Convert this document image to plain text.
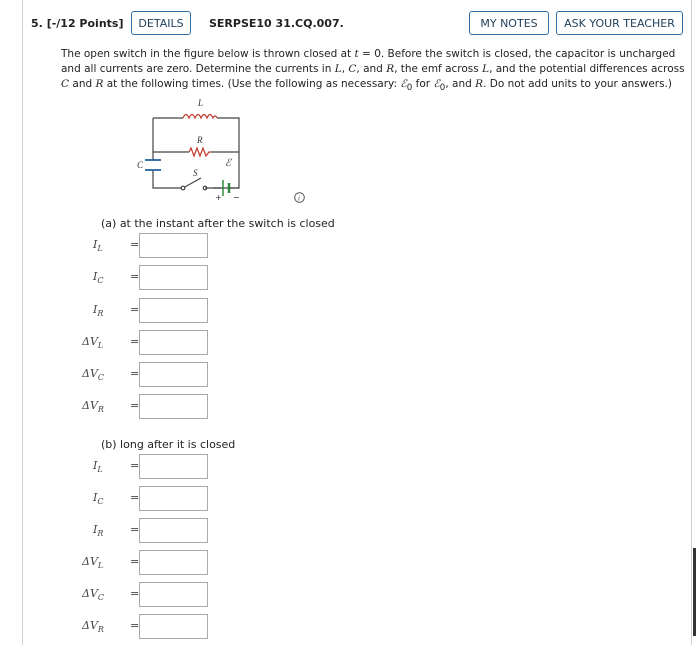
5. [-/12 Points]	DETAILS	SERPSE10 31.CQ.007.	MY NOTES	ASK YOUR TEACHER
The open switch in the figure below is thrown closed at t = 0. Before the switch is closed, the capacitor is uncharged
and all currents are zero. Determine the currents in L, C, and R, the emf across L, and the potential differences across
C and R at the following times. (Use the following as necessary: ℰ$_0$ for ℰ$_0$, and R. Do not add units to your answers.)
L
R
C
S
ℰ
+ −	i
(a) at the instant after the switch is closed
$I_L$	=
$I_C$	=
$I_R$	=
$\Delta V_L$	=
$\Delta V_C$	=
$\Delta V_R$	=
(b) long after it is closed
$I_L$	=
$I_C$	=
$I_R$	=
$\Delta V_L$	=
$\Delta V_C$	=
$\Delta V_R$	=
